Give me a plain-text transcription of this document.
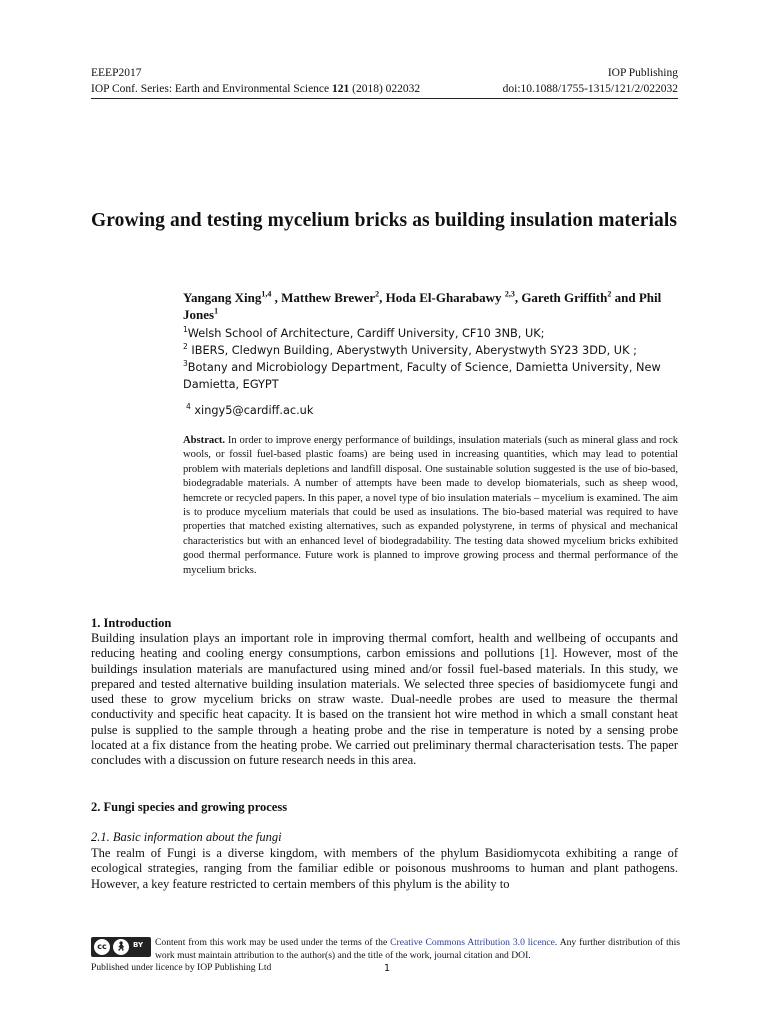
EEEP2017	IOP Publishing
IOP Conf. Series: Earth and Environmental Science 121 (2018) 022032	doi:10.1088/1755-1315/121/2/022032
Growing and testing mycelium bricks as building insulation materials
Yangang Xing$^{1,4}$ , Matthew Brewer$^2$, Hoda El-Gharabawy $^{2,3}$, Gareth Griffith$^2$ and Phil Jones$^1$
$^1$Welsh School of Architecture, Cardiff University, CF10 3NB, UK;
$^2$ IBERS, Cledwyn Building, Aberystwyth University, Aberystwyth SY23 3DD, UK ;
$^3$Botany and Microbiology Department, Faculty of Science, Damietta University, New Damietta, EGYPT
$^4$ xingy5@cardiff.ac.uk
Abstract. In order to improve energy performance of buildings, insulation materials (such as mineral glass and rock wools, or fossil fuel-based plastic foams) are being used in increasing quantities, which may lead to potential problem with materials depletions and landfill disposal. One sustainable solution suggested is the use of bio-based, biodegradable materials. A number of attempts have been made to develop biomaterials, such as sheep wood, hemcrete or recycled papers. In this paper, a novel type of bio insulation materials – mycelium is examined. The aim is to produce mycelium materials that could be used as insulations. The bio-based material was required to have properties that matched existing alternatives, such as expanded polystyrene, in terms of physical and mechanical characteristics but with an enhanced level of biodegradability. The testing data showed mycelium bricks exhibited good thermal performance. Future work is planned to improve growing process and thermal performance of the mycelium bricks.
1. Introduction
Building insulation plays an important role in improving thermal comfort, health and wellbeing of occupants and reducing heating and cooling energy consumptions, carbon emissions and pollutions [1]. However, most of the buildings insulation materials are manufactured using mined and/or fossil fuel-based materials. In this study, we prepared and tested alternative building insulation materials. We selected three species of basidiomycete fungi and used these to grow mycelium bricks on straw waste. Dual-needle probes are used to measure the thermal conductivity and specific heat capacity. It is based on the transient hot wire method in which a small constant heat pulse is supplied to the sample through a heating probe and the rise in temperature is noted by a sensing probe located at a fix distance from the heating probe. We carried out preliminary thermal characterisation tests. The paper concludes with a discussion on future research needs in this area.
2. Fungi species and growing process
2.1. Basic information about the fungi
The realm of Fungi is a diverse kingdom, with members of the phylum Basidiomycota exhibiting a range of ecological strategies, ranging from the familiar edible or poisonous mushrooms to human and plant pathogens. However, a key feature restricted to certain members of this phylum is the ability to
cc 🚶︎ BY Content from this work may be used under the terms of the Creative Commons Attribution 3.0 licence. Any further distribution of this work must maintain attribution to the author(s) and the title of the work, journal citation and DOI.
Published under licence by IOP Publishing Ltd	1
